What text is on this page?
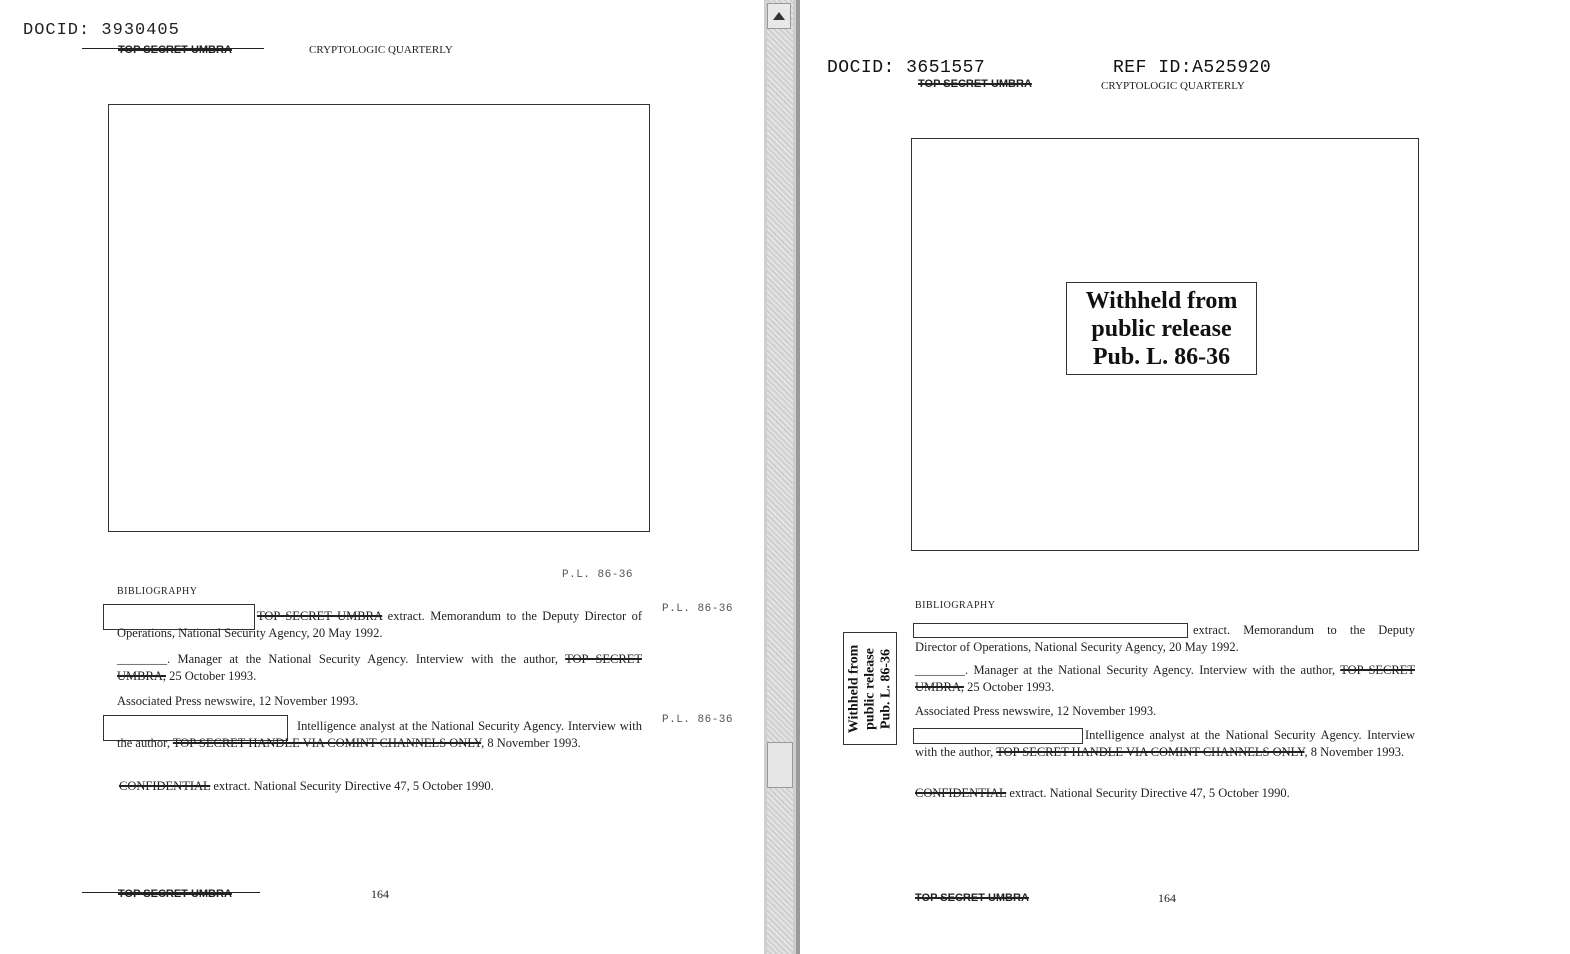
DOCID: 3930405
TOP SECRET UMBRA	CRYPTOLOGIC QUARTERLY
P.L. 86-36
BIBLIOGRAPHY
P.L. 86-36
P.L. 86-36
TOP SECRET UMBRA extract. Memorandum to the Deputy Director of Operations, National Security Agency, 20 May 1992.
________. Manager at the National Security Agency. Interview with the author, TOP SECRET UMBRA, 25 October 1993.
Associated Press newswire, 12 November 1993.
Intelligence analyst at the National Security Agency. Interview with the author, TOP SECRET HANDLE VIA COMINT CHANNELS ONLY, 8 November 1993.
CONFIDENTIAL extract. National Security Directive 47, 5 October 1990.
TOP SECRET UMBRA	164
DOCID: 3651557	REF ID:A525920
TOP SECRET UMBRA	CRYPTOLOGIC QUARTERLY
Withheld from
public release
Pub. L. 86-36
BIBLIOGRAPHY
Withheld from public release Pub. L. 86-36
extract. Memorandum to the Deputy Director of Operations, National Security Agency, 20 May 1992.
________. Manager at the National Security Agency. Interview with the author, TOP SECRET UMBRA, 25 October 1993.
Associated Press newswire, 12 November 1993.
Intelligence analyst at the National Security Agency. Interview with the author, TOP SECRET HANDLE VIA COMINT CHANNELS ONLY, 8 November 1993.
CONFIDENTIAL extract. National Security Directive 47, 5 October 1990.
TOP SECRET UMBRA	164
